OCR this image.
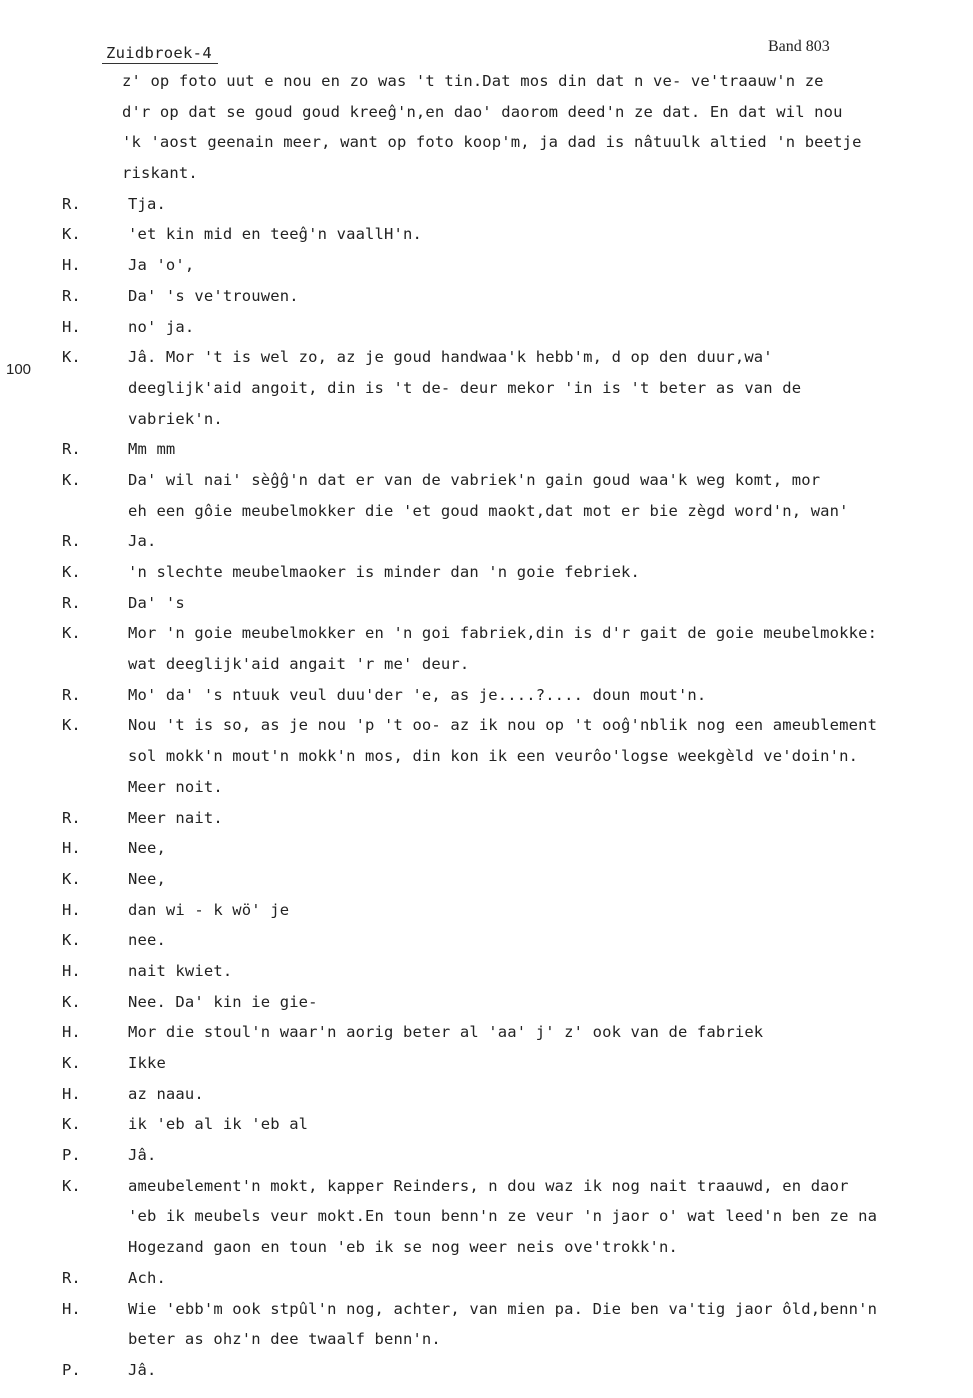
Zuidbroek-4	Band 803
100
z' op foto uut e nou en zo was 't tin.Dat mos din dat n ve- ve'traauw'n ze
d'r op dat se goud goud kreeĝ'n,en dao' daorom deed'n ze dat. En dat wil nou
'k 'aost geenain meer, want op foto koop'm, ja dad is nâtuulk altied 'n beetje
riskant.
R.	Tja.
K.	'et kin mid en teeĝ'n vaallH'n.
H.	Ja 'o',
R.	Da' 's ve'trouwen.
H.	no' ja.
K.	Jâ. Mor 't is wel zo, az je goud handwaa'k hebb'm, d op den duur,wa'
deeglijk'aid angoit, din is 't de- deur mekor 'in is 't beter as van de
vabriek'n.
R.	Mm mm
K.	Da' wil nai' sèĝĝ'n dat er van de vabriek'n gain goud waa'k weg komt, mor
eh een gôie meubelmokker die 'et goud maokt,dat mot er bie zègd word'n, wan'
R.	Ja.
K.	'n slechte meubelmaoker is minder dan 'n goie febriek.
R.	Da' 's
K.	Mor 'n goie meubelmokker en 'n goi fabriek,din is d'r gait de goie meubelmokke:
wat deeglijk'aid angait 'r me' deur.
R.	Mo' da' 's ntuuk veul duu'der 'e, as je....?.... doun mout'n.
K.	Nou 't is so, as je nou 'p 't oo- az ik nou op 't ooĝ'nblik nog een ameublement
sol mokk'n mout'n mokk'n mos, din kon ik een veurôo'logse weekgèld ve'doin'n.
Meer noit.
R.	Meer nait.
H.	Nee,
K.	Nee,
H.	dan wi - k wö' je
K.	nee.
H.	nait kwiet.
K.	Nee. Da' kin ie gie-
H.	Mor die stoul'n waar'n aorig beter al 'aa' j' z' ook van de fabriek
K.	Ikke
H.	az naau.
K.	ik 'eb al ik 'eb al
P.	Jâ.
K.	ameubelement'n mokt, kapper Reinders, n dou waz ik nog nait traauwd, en daor
'eb ik meubels veur mokt.En toun benn'n ze veur 'n jaor o' wat leed'n ben ze na
Hogezand gaon en toun 'eb ik se nog weer neis ove'trokk'n.
R.	Ach.
H.	Wie 'ebb'm ook stpûl'n nog, achter, van mien pa. Die ben va'tig jaor ôld,benn'n
beter as ohz'n dee twaalf benn'n.
P.	Jâ.
